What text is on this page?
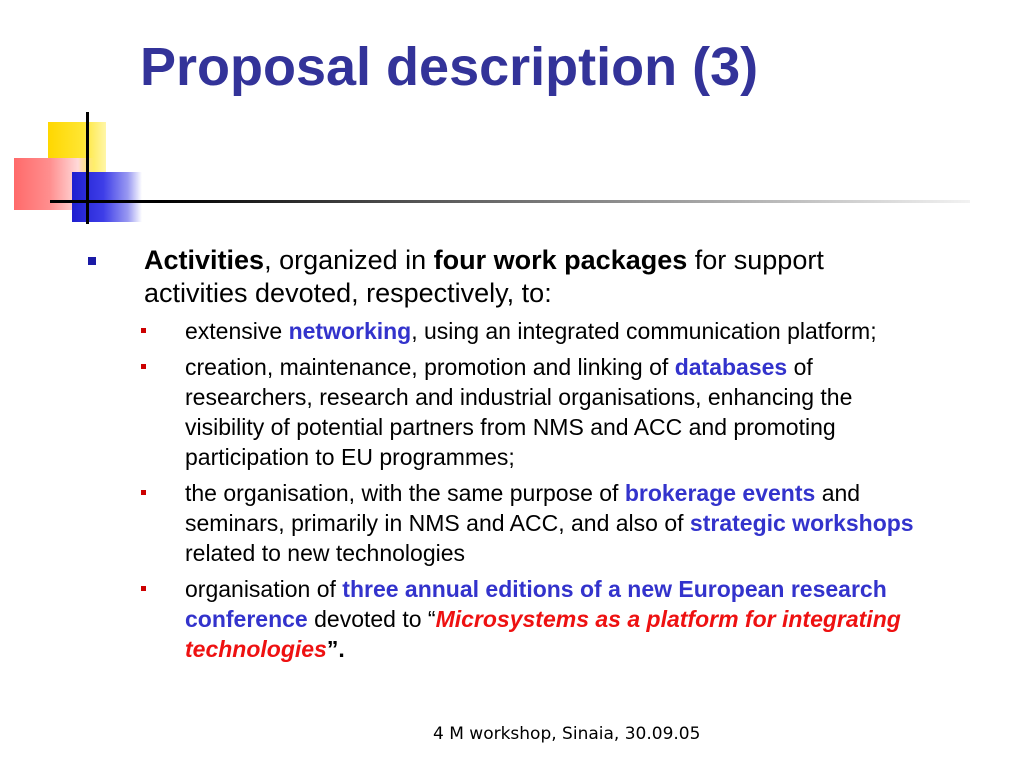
Proposal description (3)
Activities, organized in four work packages for support activities devoted, respectively, to:
extensive networking, using an integrated communication platform;
creation, maintenance, promotion and linking of databases of researchers, research and industrial organisations, enhancing the visibility of potential partners from NMS and ACC and promoting participation to EU programmes;
the organisation, with the same purpose of brokerage events and seminars, primarily in NMS and ACC, and also of strategic workshops related to new technologies
organisation of three annual editions of a new European research conference devoted to “Microsystems as a platform for integrating technologies”.
4 M workshop, Sinaia, 30.09.05
